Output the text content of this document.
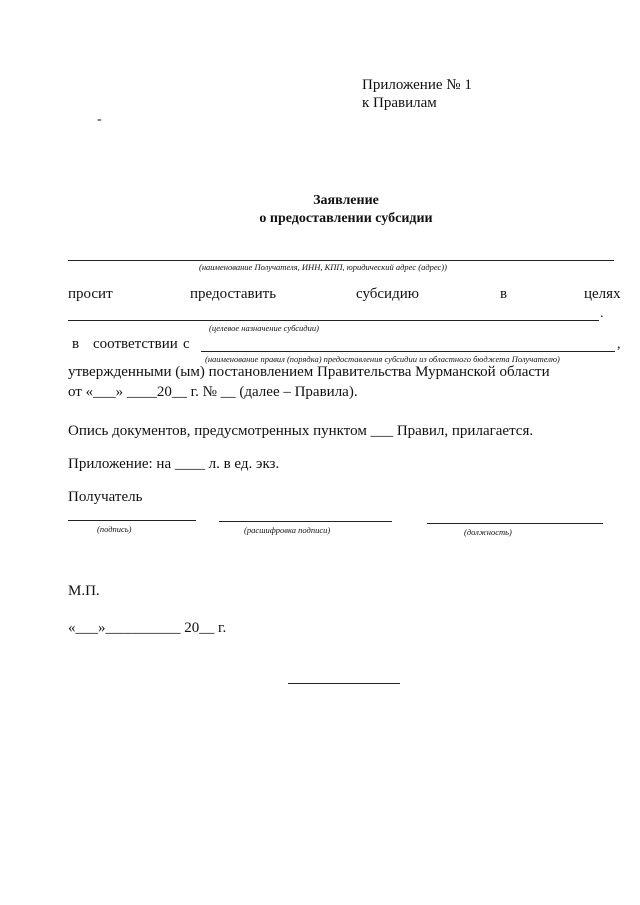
Приложение № 1
к Правилам
-
Заявление
о предоставлении субсидии
(наименование Получателя, ИНН, КПП, юридический адрес (адрес))
просит	предоставить	субсидию	в	целях
.
(целевое назначение субсидии)
в соответствии с	,
(наименование правил (порядка) предоставления субсидии из областного бюджета Получателю)
утвержденными (ым) постановлением Правительства Мурманской области
от «___» ____20__ г. № __ (далее – Правила).
Опись документов, предусмотренных пунктом ___ Правил, прилагается.
Приложение: на ____ л. в ед. экз.
Получатель
(подпись)	(расшифровка подписи)	(должность)
М.П.
«___»__________ 20__ г.
